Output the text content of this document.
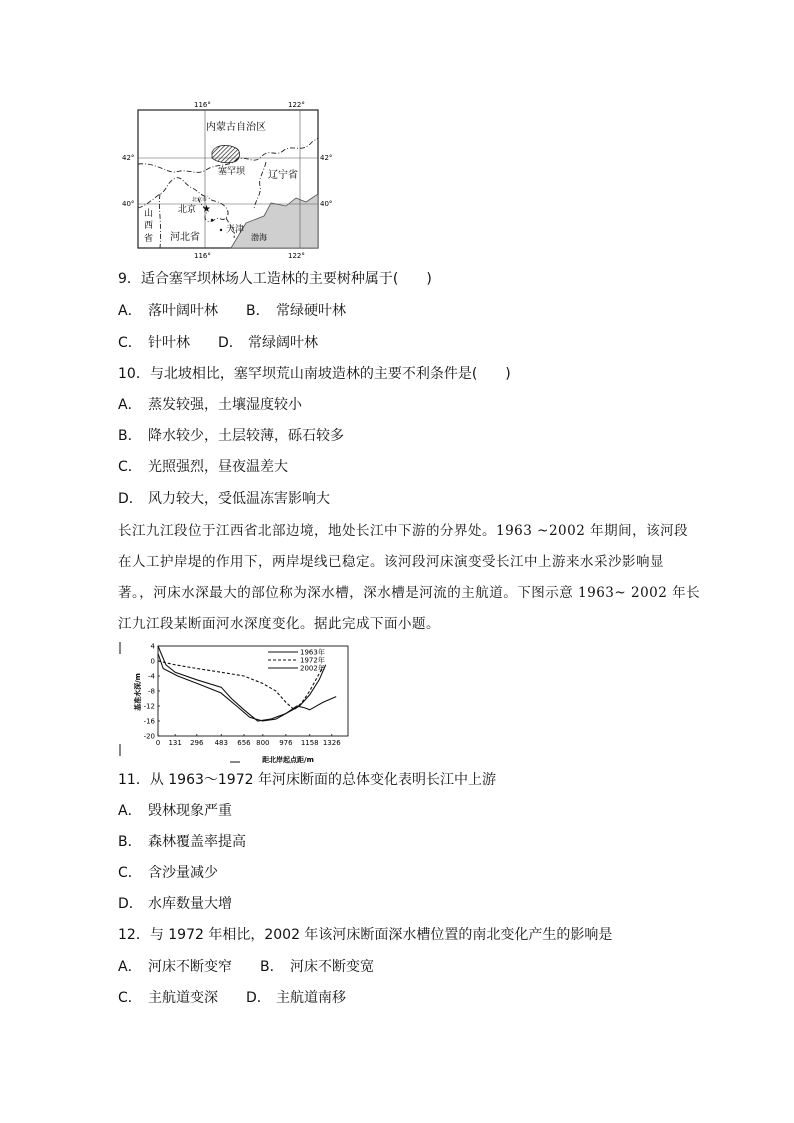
★
116°	122°
116°	122°
42°	42°
40°	40°
内蒙古自治区
塞罕坝 辽宁省
北京
北京市
天津
渤海
河北省
山
西
省
9．适合塞罕坝林场人工造林的主要树种属于(　　)
A． 落叶阔叶林 B． 常绿硬叶林
C． 针叶林 D． 常绿阔叶林
10．与北坡相比，塞罕坝荒山南坡造林的主要不利条件是(　　)
A． 蒸发较强，土壤湿度较小
B． 降水较少，土层较薄，砾石较多
C． 光照强烈，昼夜温差大
D． 风力较大，受低温冻害影响大
长江九江段位于江西省北部边境，地处长江中下游的分界处。1963 ~2002 年期间，该河段
在人工护岸堤的作用下，两岸堤线已稳定。该河段河床演变受长江中上游来水采沙影响显
著。，河床水深最大的部位称为深水槽，深水槽是河流的主航道。下图示意 1963~ 2002 年长
江九江段某断面河水深度变化。据此完成下面小题。
基准水深/m
距北岸起点距/m
0 131 296 483 656 800 976 1158 1326
4
0
-4
-8
-12
-16
-20
1963年
1972年
2002年
11．从 1963～1972 年河床断面的总体变化表明长江中上游
A． 毁林现象严重
B． 森林覆盖率提高
C． 含沙量减少
D． 水库数量大增
12．与 1972 年相比，2002 年该河床断面深水槽位置的南北变化产生的影响是
A． 河床不断变窄 B． 河床不断变宽
C． 主航道变深 D． 主航道南移
